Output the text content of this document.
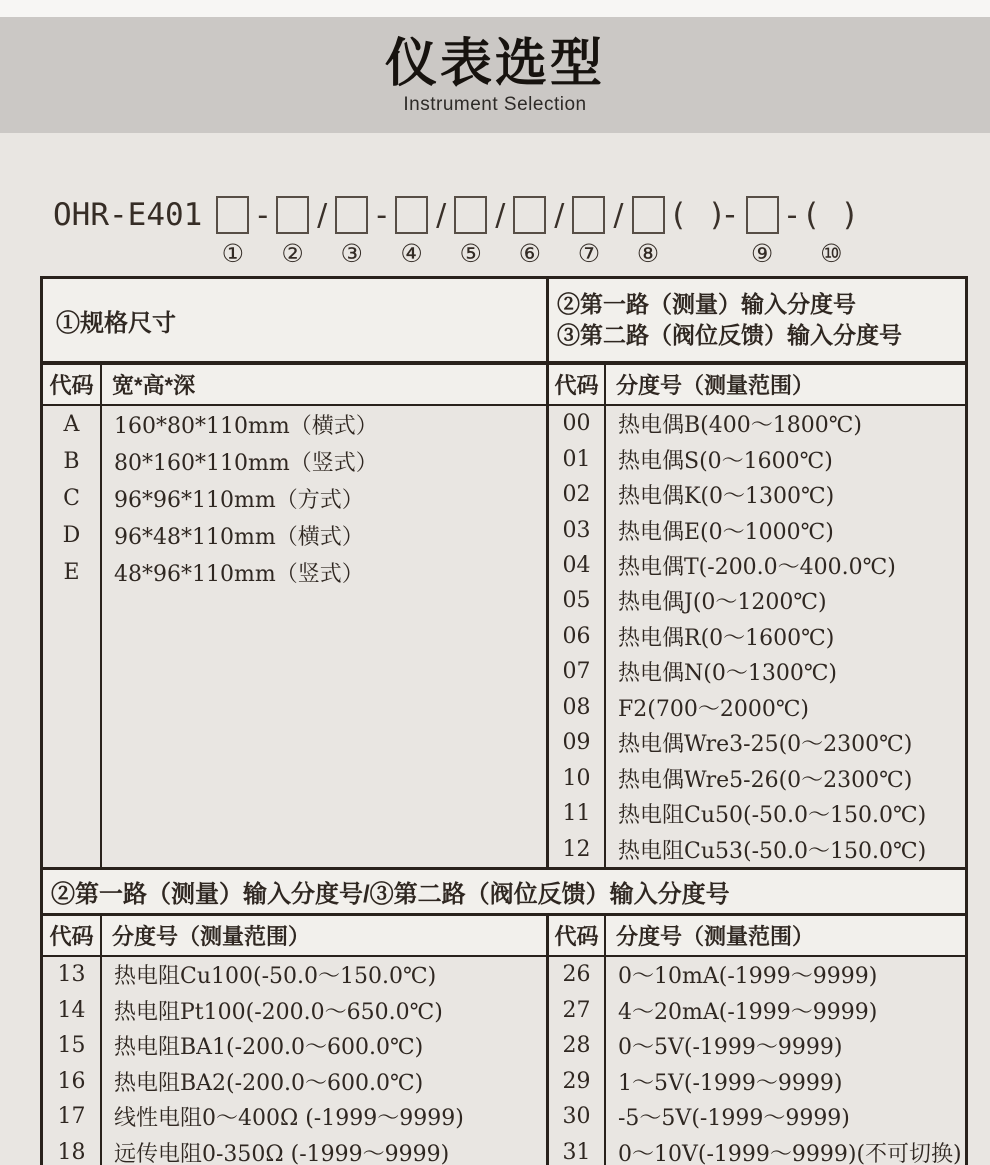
仪表选型
Instrument Selection
OHR-E401
①
-
②
/
③
-
④
/
⑤
/
⑥
/
⑦
/
⑧
(  )-
⑨
- (  )
⑩
①规格尺寸
②第一路（测量）输入分度号
③第二路（阀位反馈）输入分度号
代码 宽*高*深	代码 分度号（测量范围）
A
B
C
D
E
160*80*110mm（横式）
80*160*110mm（竖式）
96*96*110mm（方式）
96*48*110mm（横式）
48*96*110mm（竖式）
00
01
02
03
04
05
06
07
08
09
10
11
12
热电偶B(400～1800℃)
热电偶S(0～1600℃)
热电偶K(0～1300℃)
热电偶E(0～1000℃)
热电偶T(-200.0～400.0℃)
热电偶J(0～1200℃)
热电偶R(0～1600℃)
热电偶N(0～1300℃)
F2(700～2000℃)
热电偶Wre3-25(0～2300℃)
热电偶Wre5-26(0～2300℃)
热电阻Cu50(-50.0～150.0℃)
热电阻Cu53(-50.0～150.0℃)
②第一路（测量）输入分度号/③第二路（阀位反馈）输入分度号
代码 分度号（测量范围）	代码 分度号（测量范围）
13
14
15
16
17
18
热电阻Cu100(-50.0～150.0℃)
热电阻Pt100(-200.0～650.0℃)
热电阻BA1(-200.0～600.0℃)
热电阻BA2(-200.0～600.0℃)
线性电阻0～400Ω (-1999～9999)
远传电阻0-350Ω (-1999～9999)
26
27
28
29
30
31
0～10mA(-1999～9999)
4～20mA(-1999～9999)
0～5V(-1999～9999)
1～5V(-1999～9999)
-5～5V(-1999～9999)
0～10V(-1999～9999)(不可切换)
